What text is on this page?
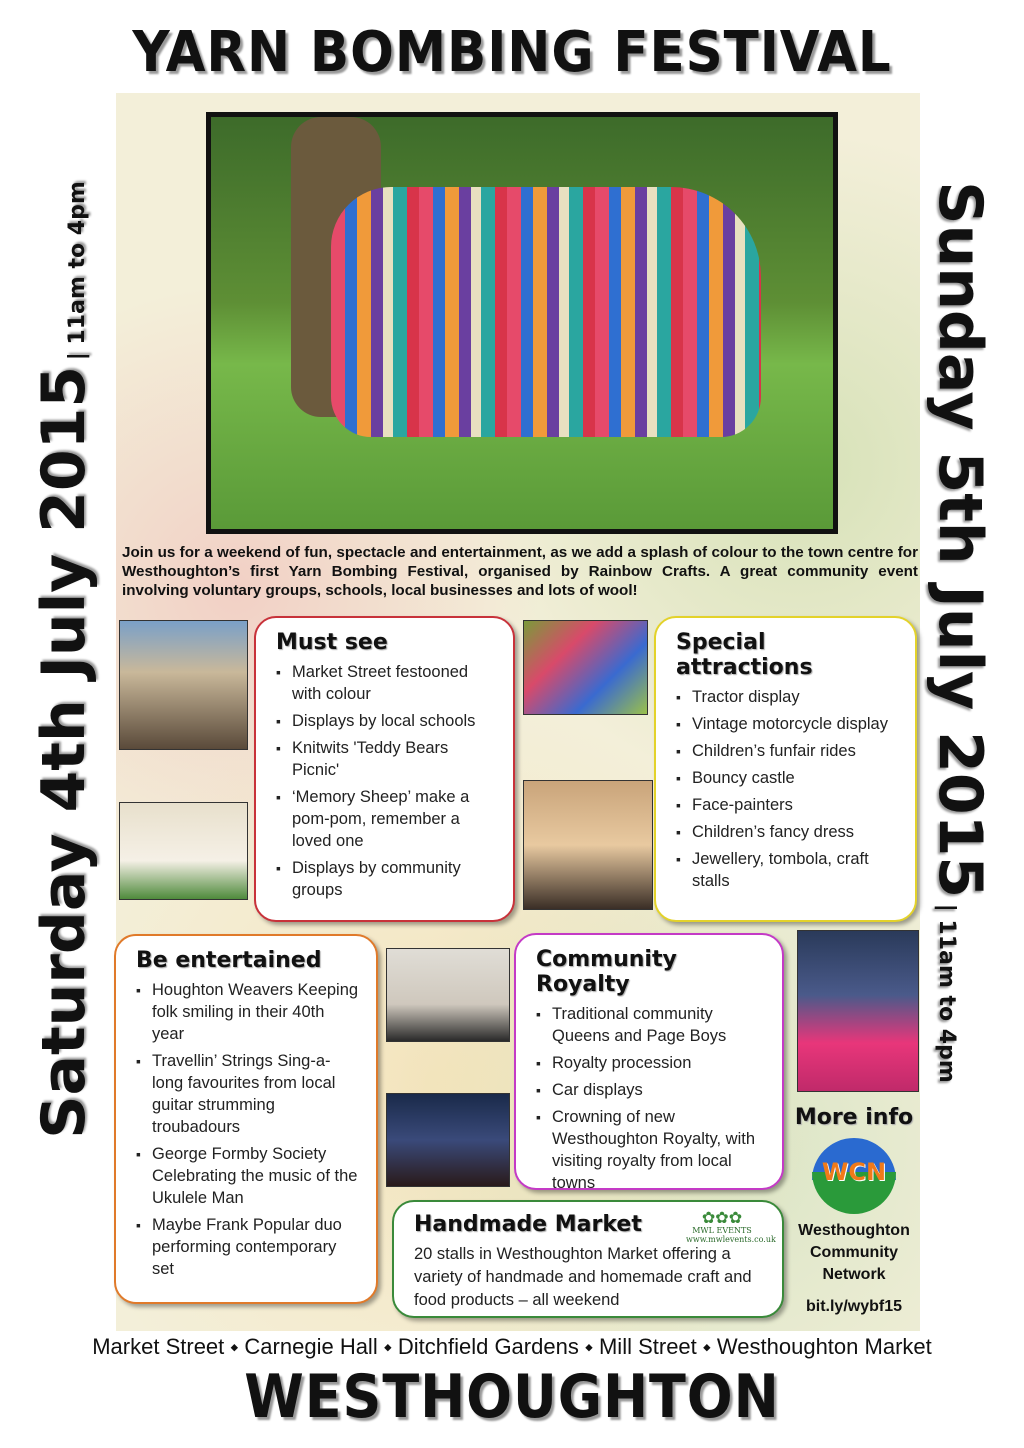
YARN BOMBING FESTIVAL
Saturday 4th July 2015 | 11am to 4pm	Sunday 5th July 2015 | 11am to 4pm
Join us for a weekend of fun, spectacle and entertainment, as we add a splash of colour to the town centre for Westhoughton’s first Yarn Bombing Festival, organised by Rainbow Crafts. A great community event involving voluntary groups, schools, local businesses and lots of wool!
Must see
▪ Market Street festooned with colour
▪ Displays by local schools
▪ Knitwits 'Teddy Bears Picnic'
▪ ‘Memory Sheep’ make a pom-pom, remember a loved one
▪ Displays by community groups
Special attractions
▪ Tractor display
▪ Vintage motorcycle display
▪ Children’s funfair rides
▪ Bouncy castle
▪ Face-painters
▪ Children’s fancy dress
▪ Jewellery, tombola, craft stalls
Be entertained
▪ Houghton Weavers Keeping folk smiling in their 40th year
▪ Travellin’ Strings Sing-a-long favourites from local guitar strumming troubadours
▪ George Formby Society Celebrating the music of the Ukulele Man
▪ Maybe Frank Popular duo performing contemporary set
Community Royalty
▪ Traditional community Queens and Page Boys
▪ Royalty procession
▪ Car displays
▪ Crowning of new Westhoughton Royalty, with visiting royalty from local towns
Handmade Market

20 stalls in Westhoughton Market offering a variety of handmade and homemade craft and food products – all weekend

✿✿✿
MWL EVENTS
www.mwlevents.co.uk
More info
WCN
Westhoughton Community Network
bit.ly/wybf15
Market Street ⬩ Carnegie Hall ⬩ Ditchfield Gardens ⬩ Mill Street ⬩ Westhoughton Market
WESTHOUGHTON
